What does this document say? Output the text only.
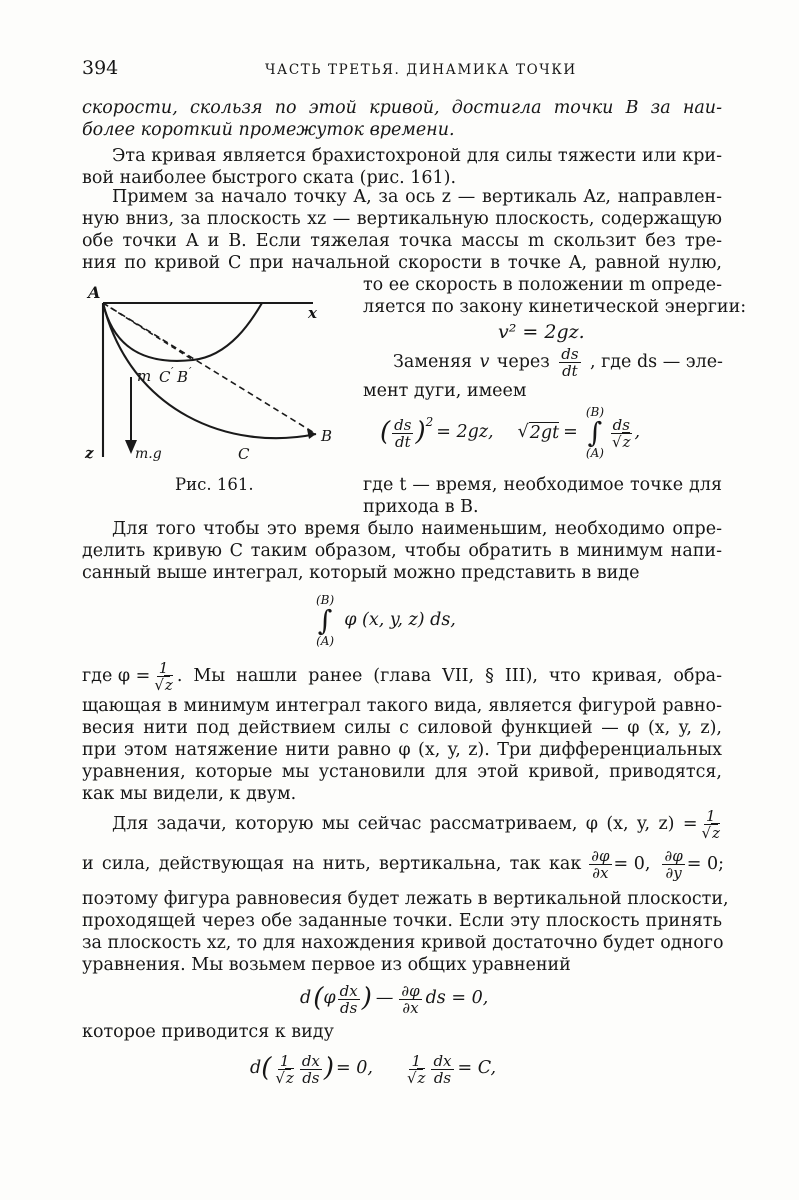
394	ЧАСТЬ ТРЕТЬЯ. ДИНАМИКА ТОЧКИ
скорости, скользя по этой кривой, достигла точки B за наи-
более короткий промежуток времени.
Эта кривая является брахистохроной для силы тяжести или кри-
вой наиболее быстрого ската (рис. 161).
Примем за начало точку A, за ось z — вертикаль Az, направлен-
ную вниз, за плоскость xz — вертикальную плоскость, содержащую
обе точки A и B. Если тяжелая точка массы m скользит без тре-
ния по кривой C при начальной скорости в точке A, равной нулю,
то ее скорость в положении m опреде-
ляется по закону кинетической энергии:
v² = 2gz.
Заменяя v через $\frac{ds}{dt}$ , где ds — эле-
мент дуги, имеем
( $\frac{ds}{dt} )^2$
= 2gz, √ 2gt =
(B)
∫
(A)
$\frac{ds}{√z}$ ,
где t — время, необходимое точке для
прихода в B.
A
x
z
m C ′ B ′
B
C
m.g
Рис. 161.
Для того чтобы это время было наименьшим, необходимо опре-
делить кривую C таким образом, чтобы обратить в минимум напи-
санный выше интеграл, который можно представить в виде
(B)
∫
(A)
φ (x, y, z) ds,
где $\varphi = \frac{1}{√z}$ . Мы нашли ранее (глава VII, § III), что кривая, обра-
щающая в минимум интеграл такого вида, является фигурой равно-
весия нити под действием силы с силовой функцией — φ (x, y, z),
при этом натяжение нити равно φ (x, y, z). Три дифференциальных
уравнения, которые мы установили для этой кривой, приводятся,
как мы видели, к двум.
Для задачи, которую мы сейчас рассматриваем, φ (x, y, $z) = \frac{1}{√z}$
и сила, действующая на нить, вертикальна, так как $\frac{\partial\varphi}{\partial x} = 0$, $\frac{\partial\varphi}{\partial y} = 0$;
поэтому фигура равновесия будет лежать в вертикальной плоскости,
проходящей через обе заданные точки. Если эту плоскость принять
за плоскость xz, то для нахождения кривой достаточно будет одного
уравнения. Мы возьмем первое из общих уравнений
d ( φ $\frac{dx}{ds}$ ) — $\frac{\partial\varphi}{\partial x}$ ds = 0,
которое приводится к виду
d ( $\frac{1}{√z} \frac{dx}{ds}$ ) = 0, $\frac{1}{√z} \frac{dx}{ds} = C$,
